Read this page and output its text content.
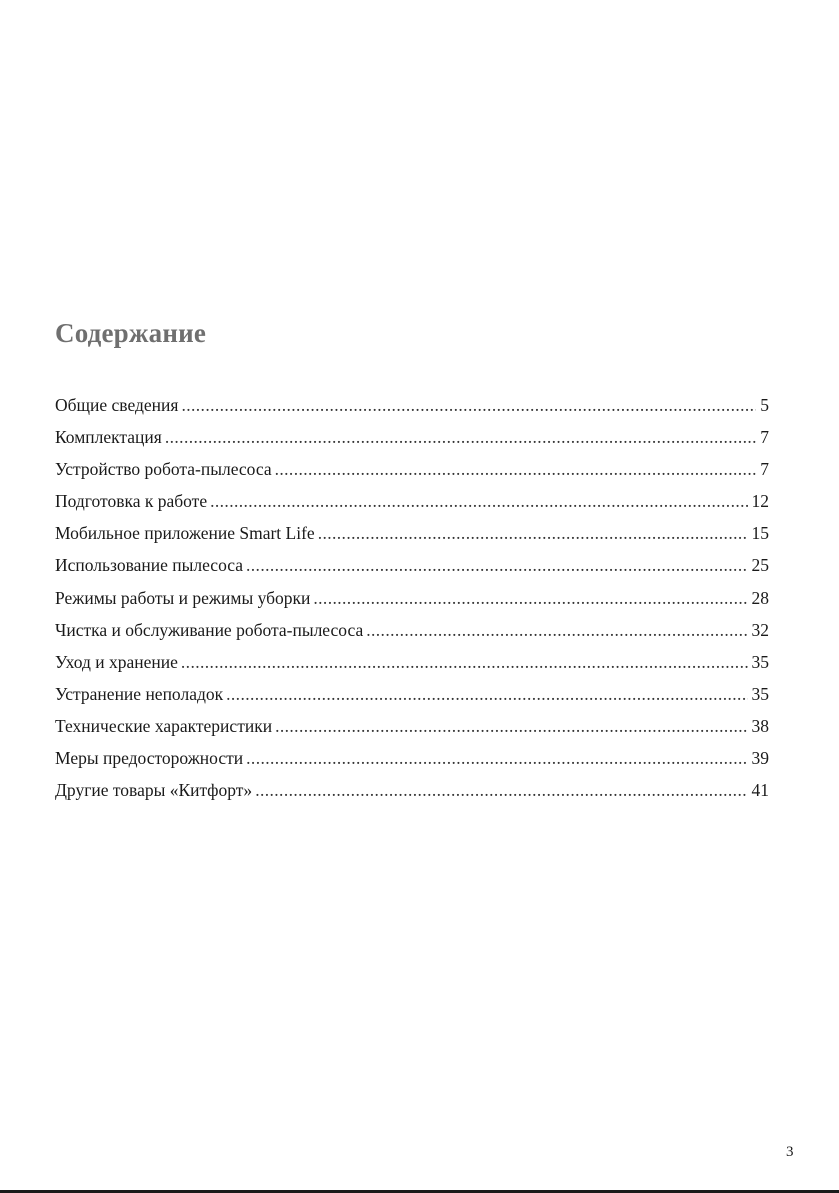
Содержание
Общие сведения .....	5
Комплектация .....	7
Устройство робота-пылесоса .....	7
Подготовка к работе .....	12
Мобильное приложение Smart Life .....	15
Использование пылесоса .....	25
Режимы работы и режимы уборки .....	28
Чистка и обслуживание робота-пылесоса .....	32
Уход и хранение .....	35
Устранение неполадок .....	35
Технические характеристики .....	38
Меры предосторожности .....	39
Другие товары «Китфорт» .....	41
3
